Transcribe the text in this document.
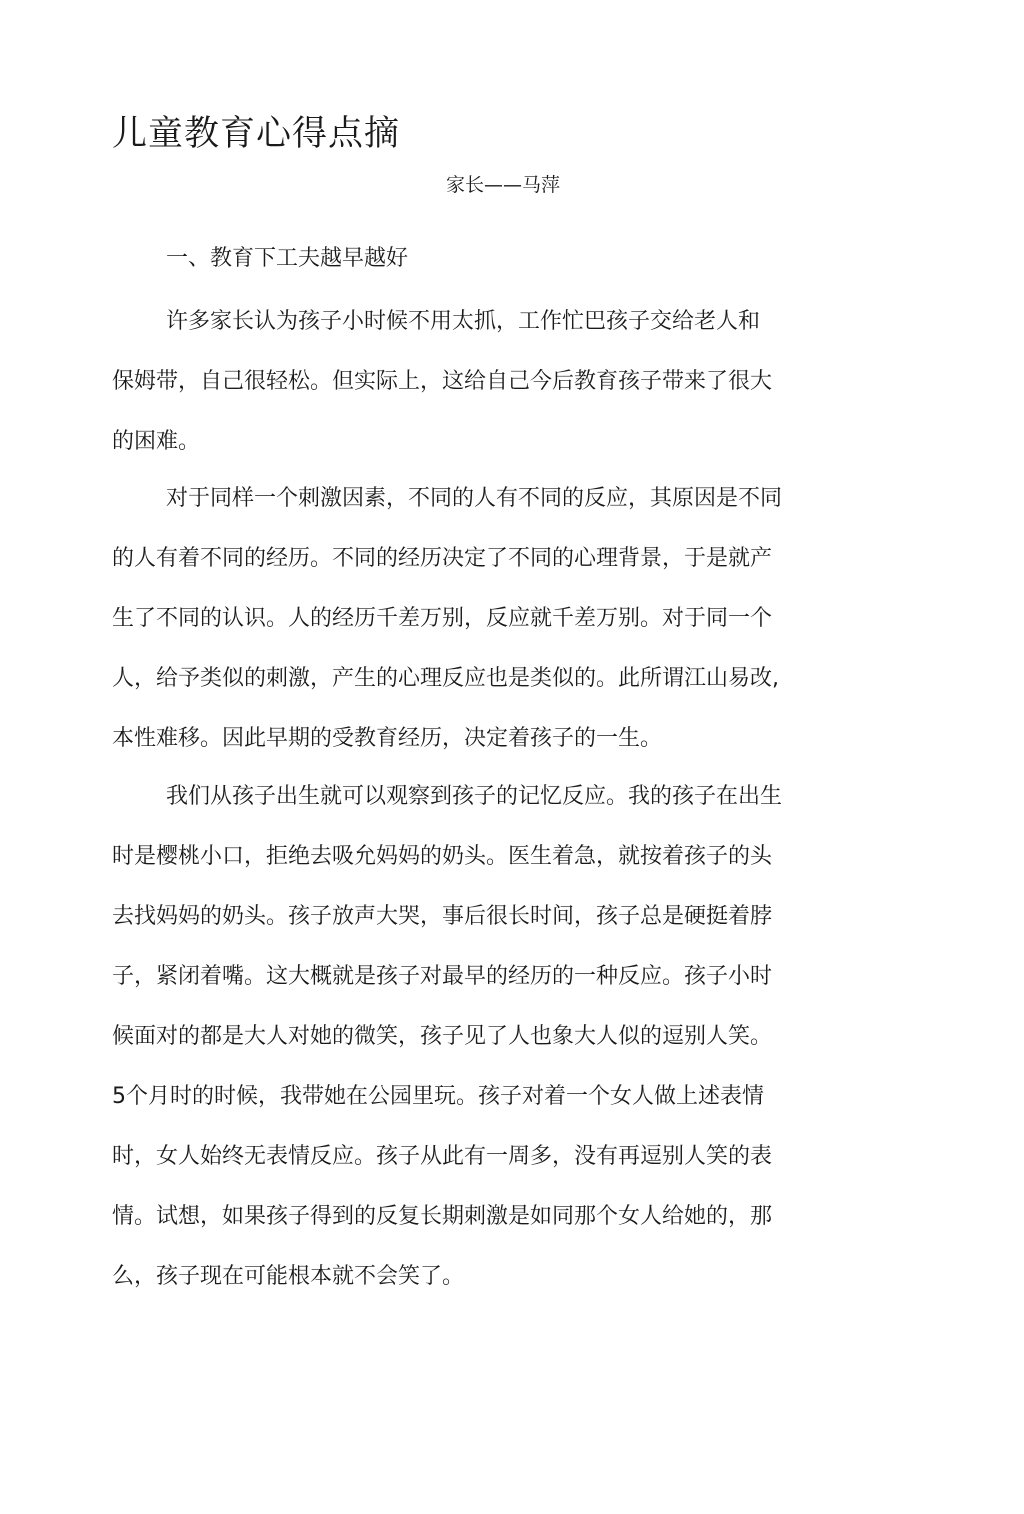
儿童教育心得点摘

家长——马萍

一、教育下工夫越早越好

许多家长认为孩子小时候不用太抓，工作忙巴孩子交给老人和
保姆带，自己很轻松。但实际上，这给自己今后教育孩子带来了很大
的困难。
对于同样一个刺激因素，不同的人有不同的反应，其原因是不同
的人有着不同的经历。不同的经历决定了不同的心理背景，于是就产
生了不同的认识。人的经历千差万别，反应就千差万别。对于同一个
人，给予类似的刺激，产生的心理反应也是类似的。此所谓江山易改,
本性难移。因此早期的受教育经历，决定着孩子的一生。
我们从孩子出生就可以观察到孩子的记忆反应。我的孩子在出生
时是樱桃小口，拒绝去吸允妈妈的奶头。医生着急，就按着孩子的头
去找妈妈的奶头。孩子放声大哭，事后很长时间，孩子总是硬挺着脖
子，紧闭着嘴。这大概就是孩子对最早的经历的一种反应。孩子小时
候面对的都是大人对她的微笑，孩子见了人也象大人似的逗别人笑。
5个月时的时候，我带她在公园里玩。孩子对着一个女人做上述表情
时，女人始终无表情反应。孩子从此有一周多，没有再逗别人笑的表
情。试想，如果孩子得到的反复长期刺激是如同那个女人给她的，那
么，孩子现在可能根本就不会笑了。
